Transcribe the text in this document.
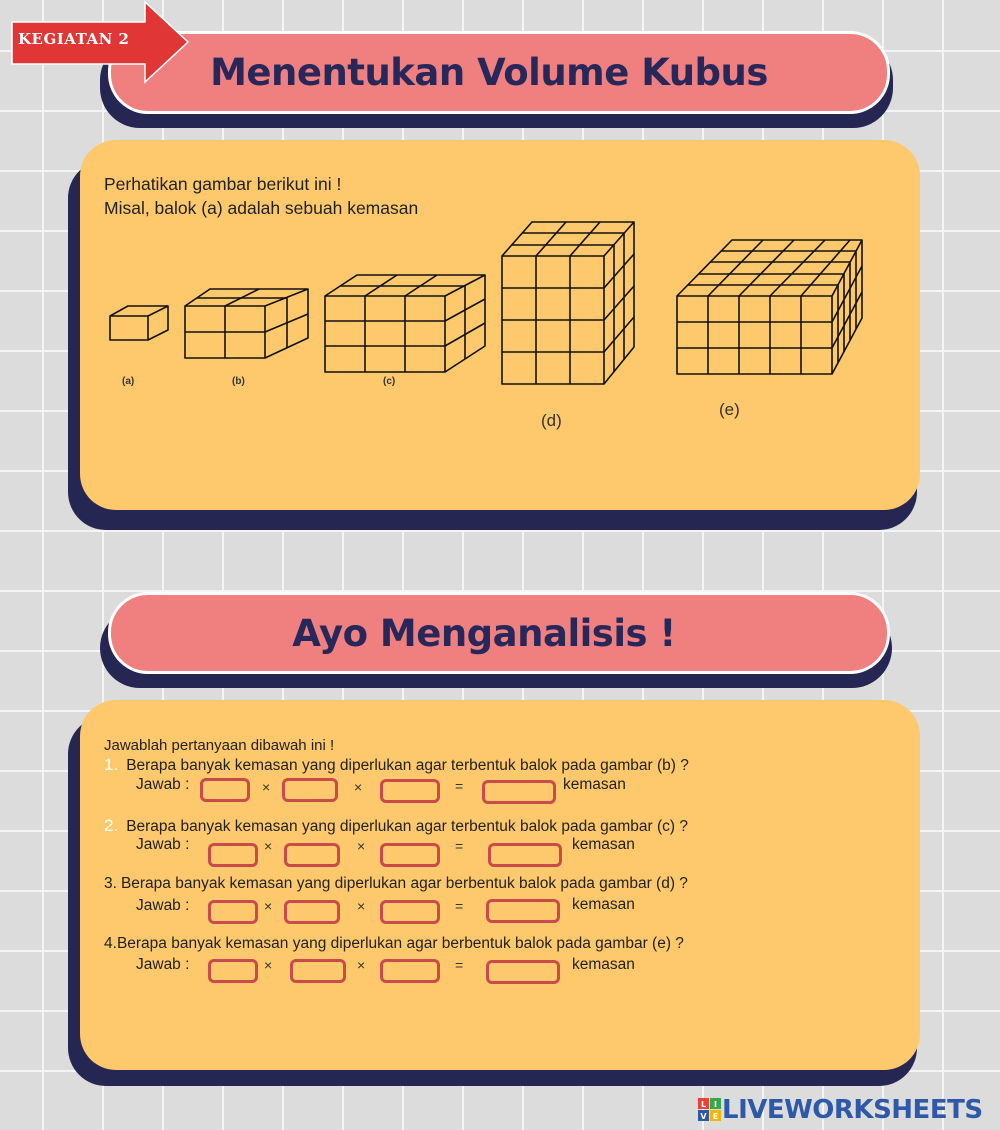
Menentukan Volume Kubus
KEGIATAN 2
Perhatikan gambar berikut ini !
Misal, balok (a) adalah sebuah kemasan
(a)	(b)	(c)
(d)
(e)
Ayo Menganalisis !
Jawablah pertanyaan dibawah ini !
1. Berapa banyak kemasan yang diperlukan agar terbentuk balok pada gambar (b) ?
Jawab :	×	×	=	kemasan
2. Berapa banyak kemasan yang diperlukan agar terbentuk balok pada gambar (c) ?
Jawab :	×	×	=	kemasan
3. Berapa banyak kemasan yang diperlukan agar berbentuk balok pada gambar (d) ?
Jawab :	×	×	=	kemasan
4.Berapa banyak kemasan yang diperlukan agar berbentuk balok pada gambar (e) ?
Jawab :	×	×	=	kemasan
L I
V E LIVEWORKSHEETS
